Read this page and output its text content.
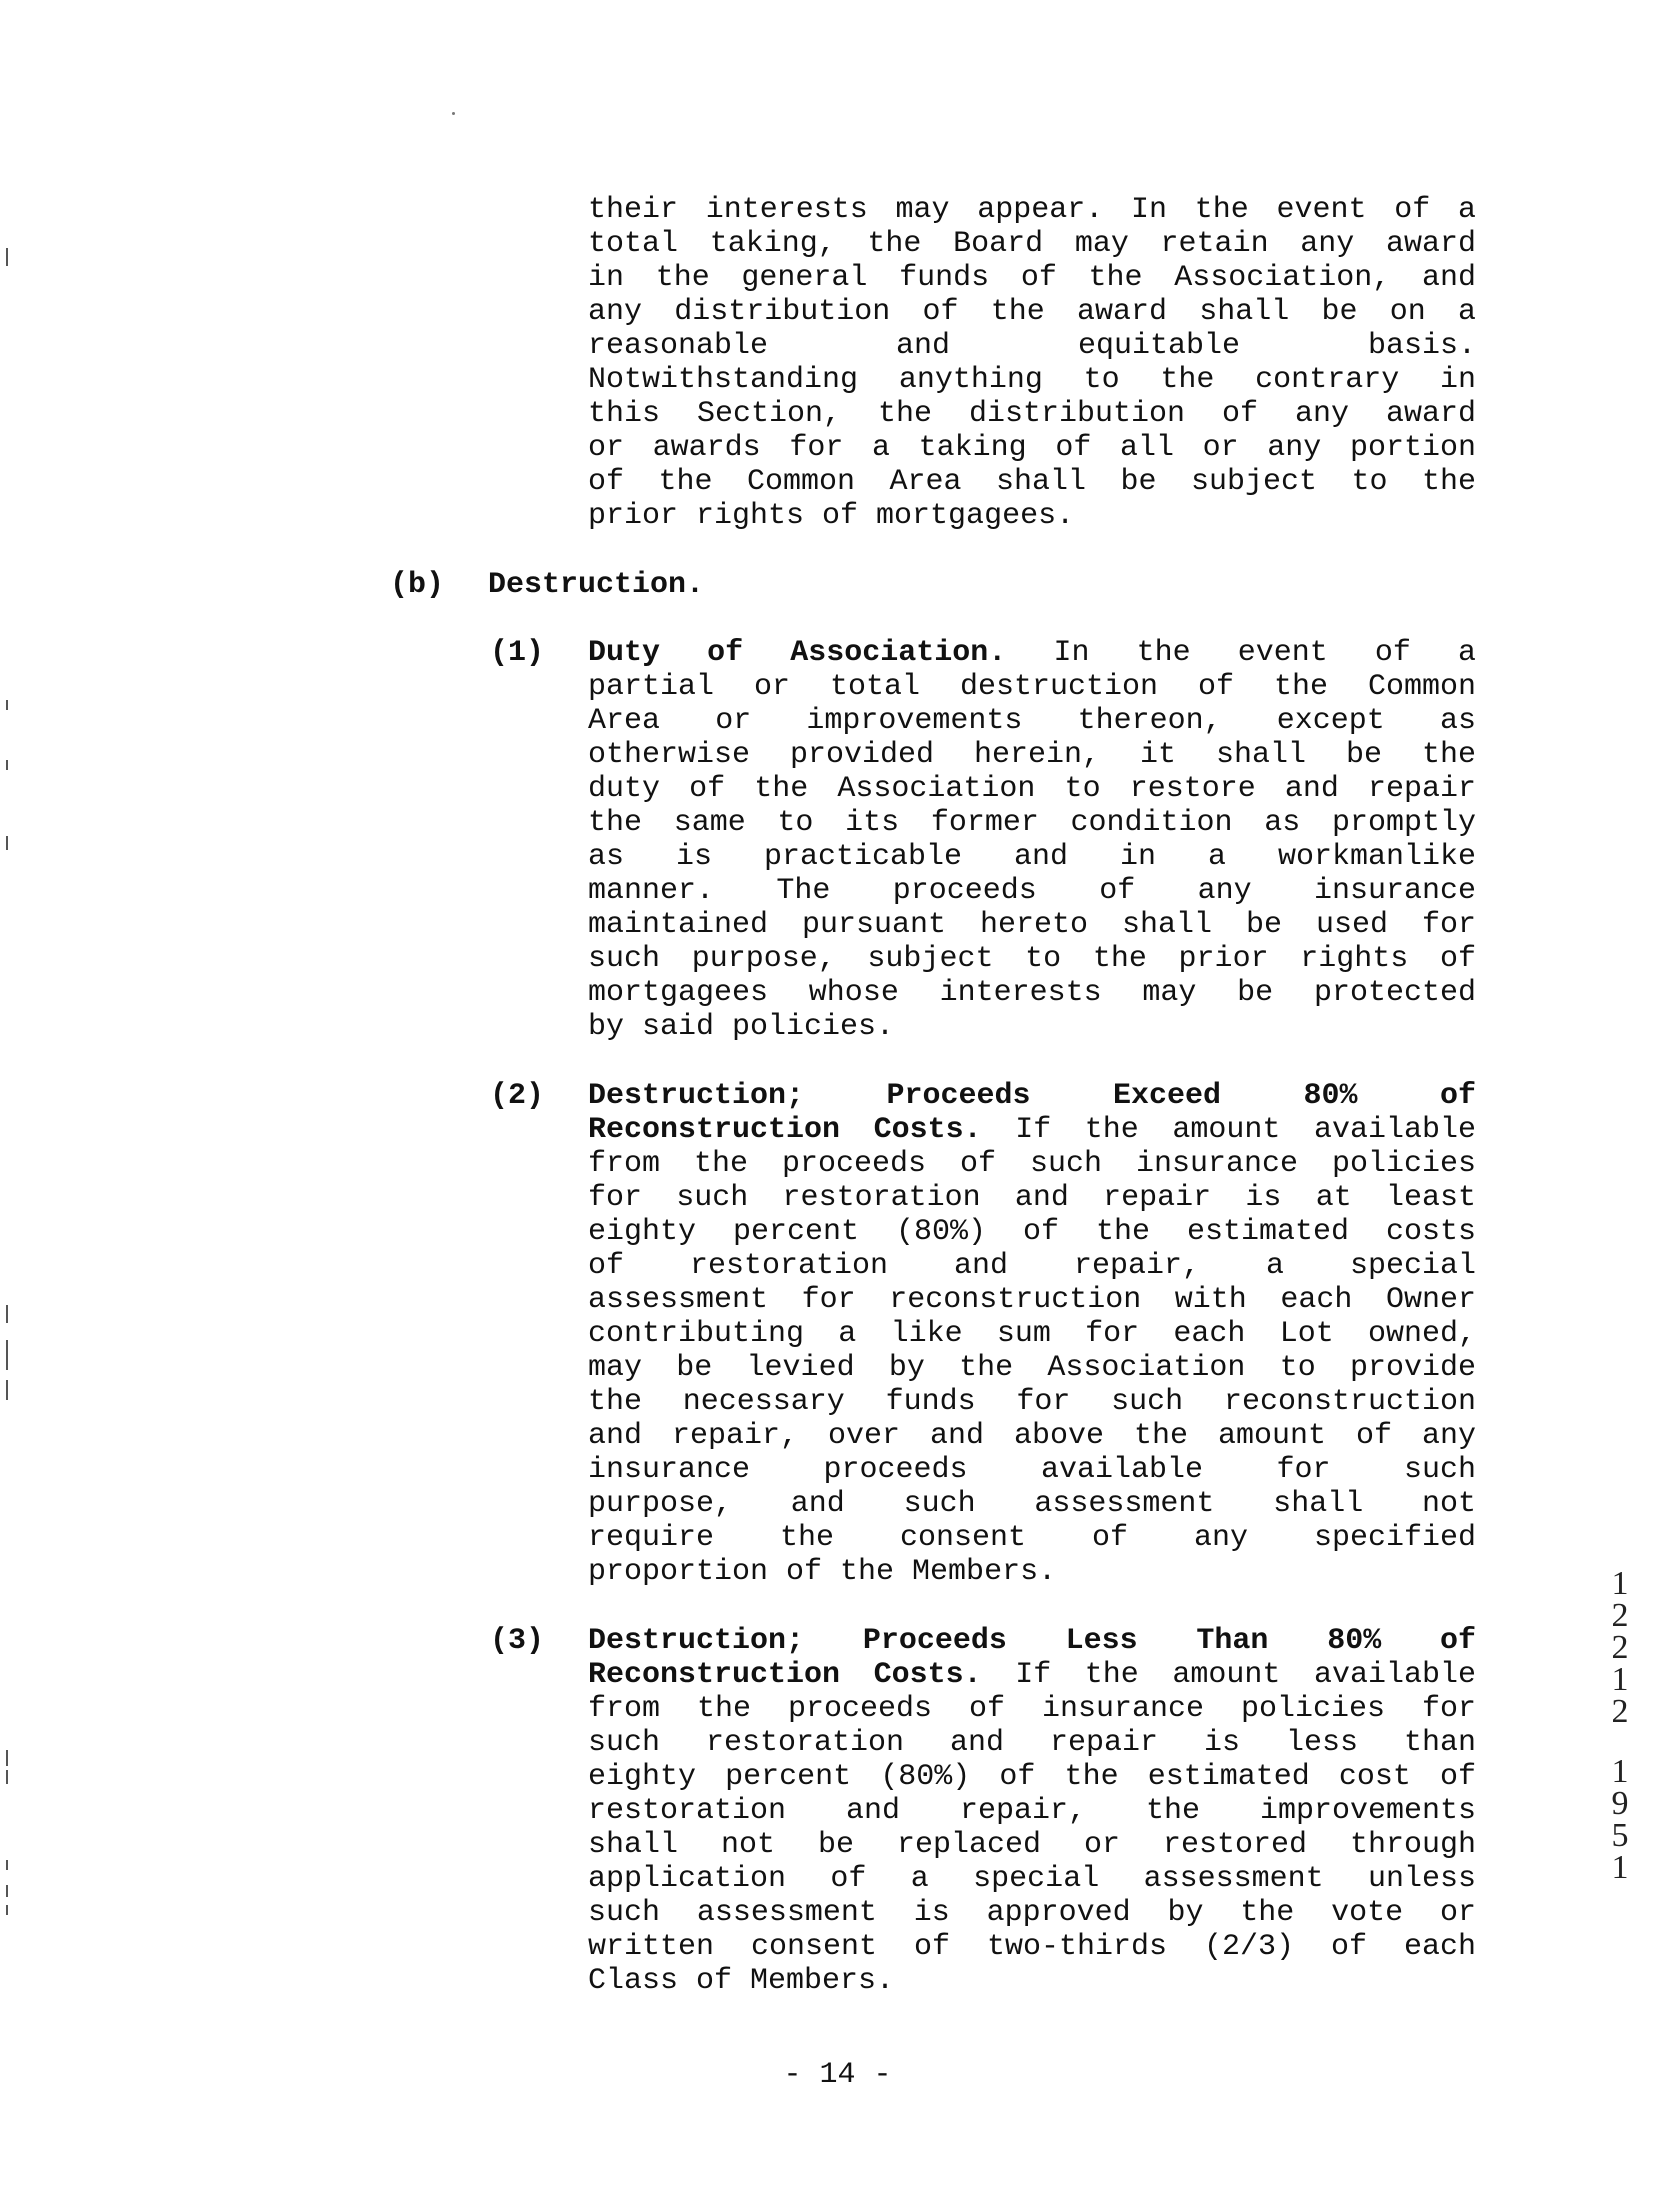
their interests may appear. In the event of a
total taking, the Board may retain any award
in the general funds of the Association, and
any distribution of the award shall be on a
reasonable and equitable basis.
Notwithstanding anything to the contrary in
this Section, the distribution of any award
or awards for a taking of all or any portion
of the Common Area shall be subject to the
prior rights of mortgagees.
(b) Destruction.
(1) Duty of Association. In the event of a
partial or total destruction of the Common
Area or improvements thereon, except as
otherwise provided herein, it shall be the
duty of the Association to restore and repair
the same to its former condition as promptly
as is practicable and in a workmanlike
manner. The proceeds of any insurance
maintained pursuant hereto shall be used for
such purpose, subject to the prior rights of
mortgagees whose interests may be protected
by said policies.
(2) Destruction; Proceeds Exceed 80% of
Reconstruction Costs. If the amount available
from the proceeds of such insurance policies
for such restoration and repair is at least
eighty percent (80%) of the estimated costs
of restoration and repair, a special
assessment for reconstruction with each Owner
contributing a like sum for each Lot owned,
may be levied by the Association to provide
the necessary funds for such reconstruction
and repair, over and above the amount of any
insurance proceeds available for such
purpose, and such assessment shall not
require the consent of any specified
proportion of the Members.
(3) Destruction; Proceeds Less Than 80% of
Reconstruction Costs. If the amount available
from the proceeds of insurance policies for
such restoration and repair is less than
eighty percent (80%) of the estimated cost of
restoration and repair, the improvements
shall not be replaced or restored through
application of a special assessment unless
such assessment is approved by the vote or
written consent of two-thirds (2/3) of each
Class of Members.
- 14 -
1
2
2
1
2
1
9
5
1
